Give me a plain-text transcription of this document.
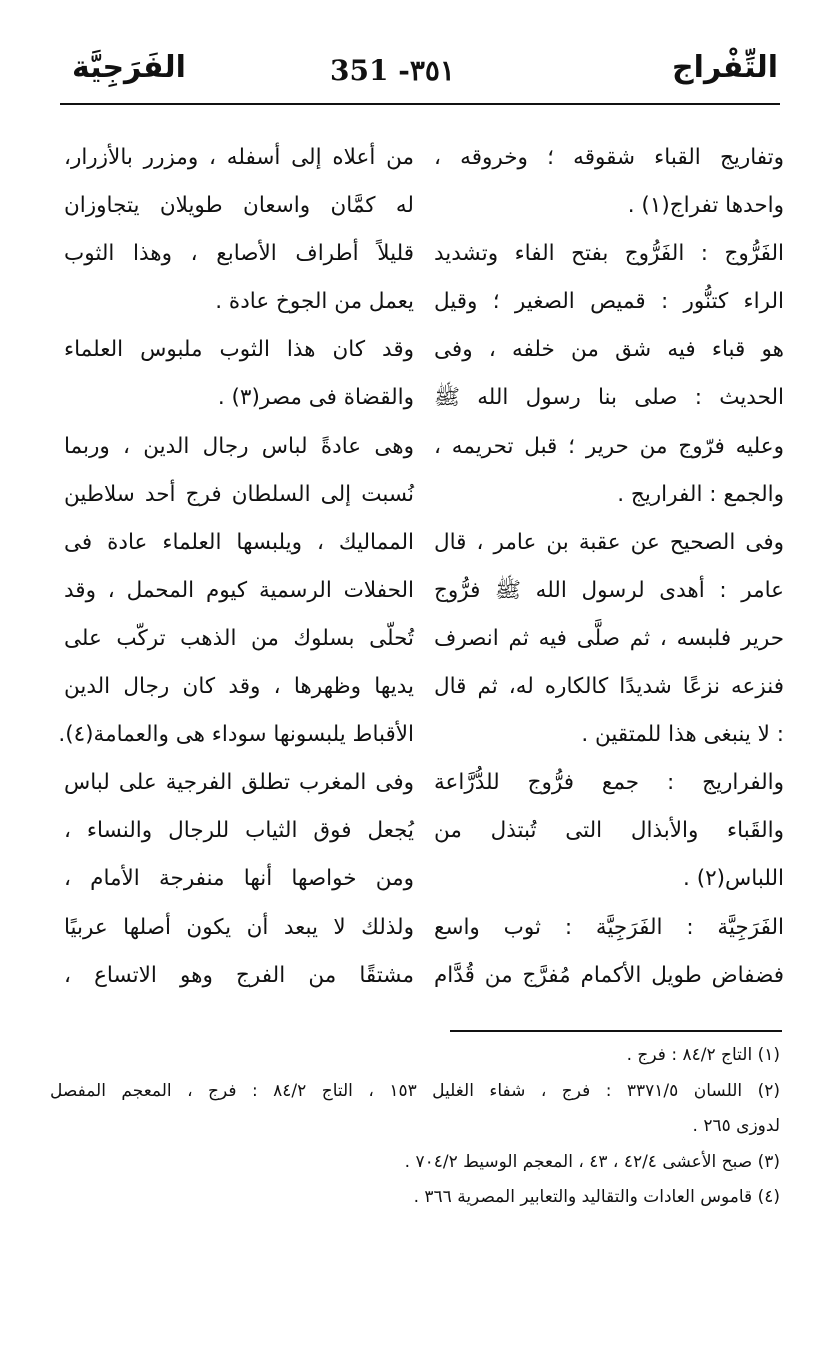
التِّفْراج
351 -٣٥١
الفَرَجِيَّة
وتفاريج القباء شقوقه ؛ وخروقه ،
واحدها تفراج(١) .
الفَرُّوج : الفَرُّوج بفتح الفاء وتشديد
الراء كتنُّور : قميص الصغير ؛ وقيل
هو قباء فيه شق من خلفه ، وفى
الحديث : صلى بنا رسول الله ﷺ
وعليه فرّوج من حرير ؛ قبل تحريمه ،
والجمع : الفراريج .
وفى الصحيح عن عقبة بن عامر ، قال
عامر : أهدى لرسول الله ﷺ فرُّوج
حرير فلبسه ، ثم صلَّى فيه ثم انصرف
فنزعه نزعًا شديدًا كالكاره له، ثم قال
: لا ينبغى هذا للمتقين .
والفراريج : جمع فرُّوج للدُّرَّاعة
والقَباء والأبذال التى تُبتذل من
اللباس(٢) .
الفَرَجِيَّة : الفَرَجِيَّة : ثوب واسع
فضفاض طويل الأكمام مُفرَّج من قُدَّام
من أعلاه إلى أسفله ، ومزرر بالأزرار،
له كمَّان واسعان طويلان يتجاوزان
قليلاً أطراف الأصابع ، وهذا الثوب
يعمل من الجوخ عادة .
وقد كان هذا الثوب ملبوس العلماء
والقضاة فى مصر(٣) .
وهى عادةً لباس رجال الدين ، وربما
نُسبت إلى السلطان فرج أحد سلاطين
المماليك ، ويلبسها العلماء عادة فى
الحفلات الرسمية كيوم المحمل ، وقد
تُحلّى بسلوك من الذهب تركّب على
يديها وظهرها ، وقد كان رجال الدين
الأقباط يلبسونها سوداء هى والعمامة(٤).
وفى المغرب تطلق الفرجية على لباس
يُجعل فوق الثياب للرجال والنساء ،
ومن خواصها أنها منفرجة الأمام ،
ولذلك لا يبعد أن يكون أصلها عربيًا
مشتقًا من الفرج وهو الاتساع ،
(١) التاج ٨٤/٢ : فرج .
(٢) اللسان ٣٣٧١/٥ : فرج ، شفاء الغليل ١٥٣ ، التاج ٨٤/٢ : فرج ، المعجم المفصل
لدوزى ٢٦٥ .
(٣) صبح الأعشى ٤٢/٤ ، ٤٣ ، المعجم الوسيط ٧٠٤/٢ .
(٤) قاموس العادات والتقاليد والتعابير المصرية ٣٦٦ .
